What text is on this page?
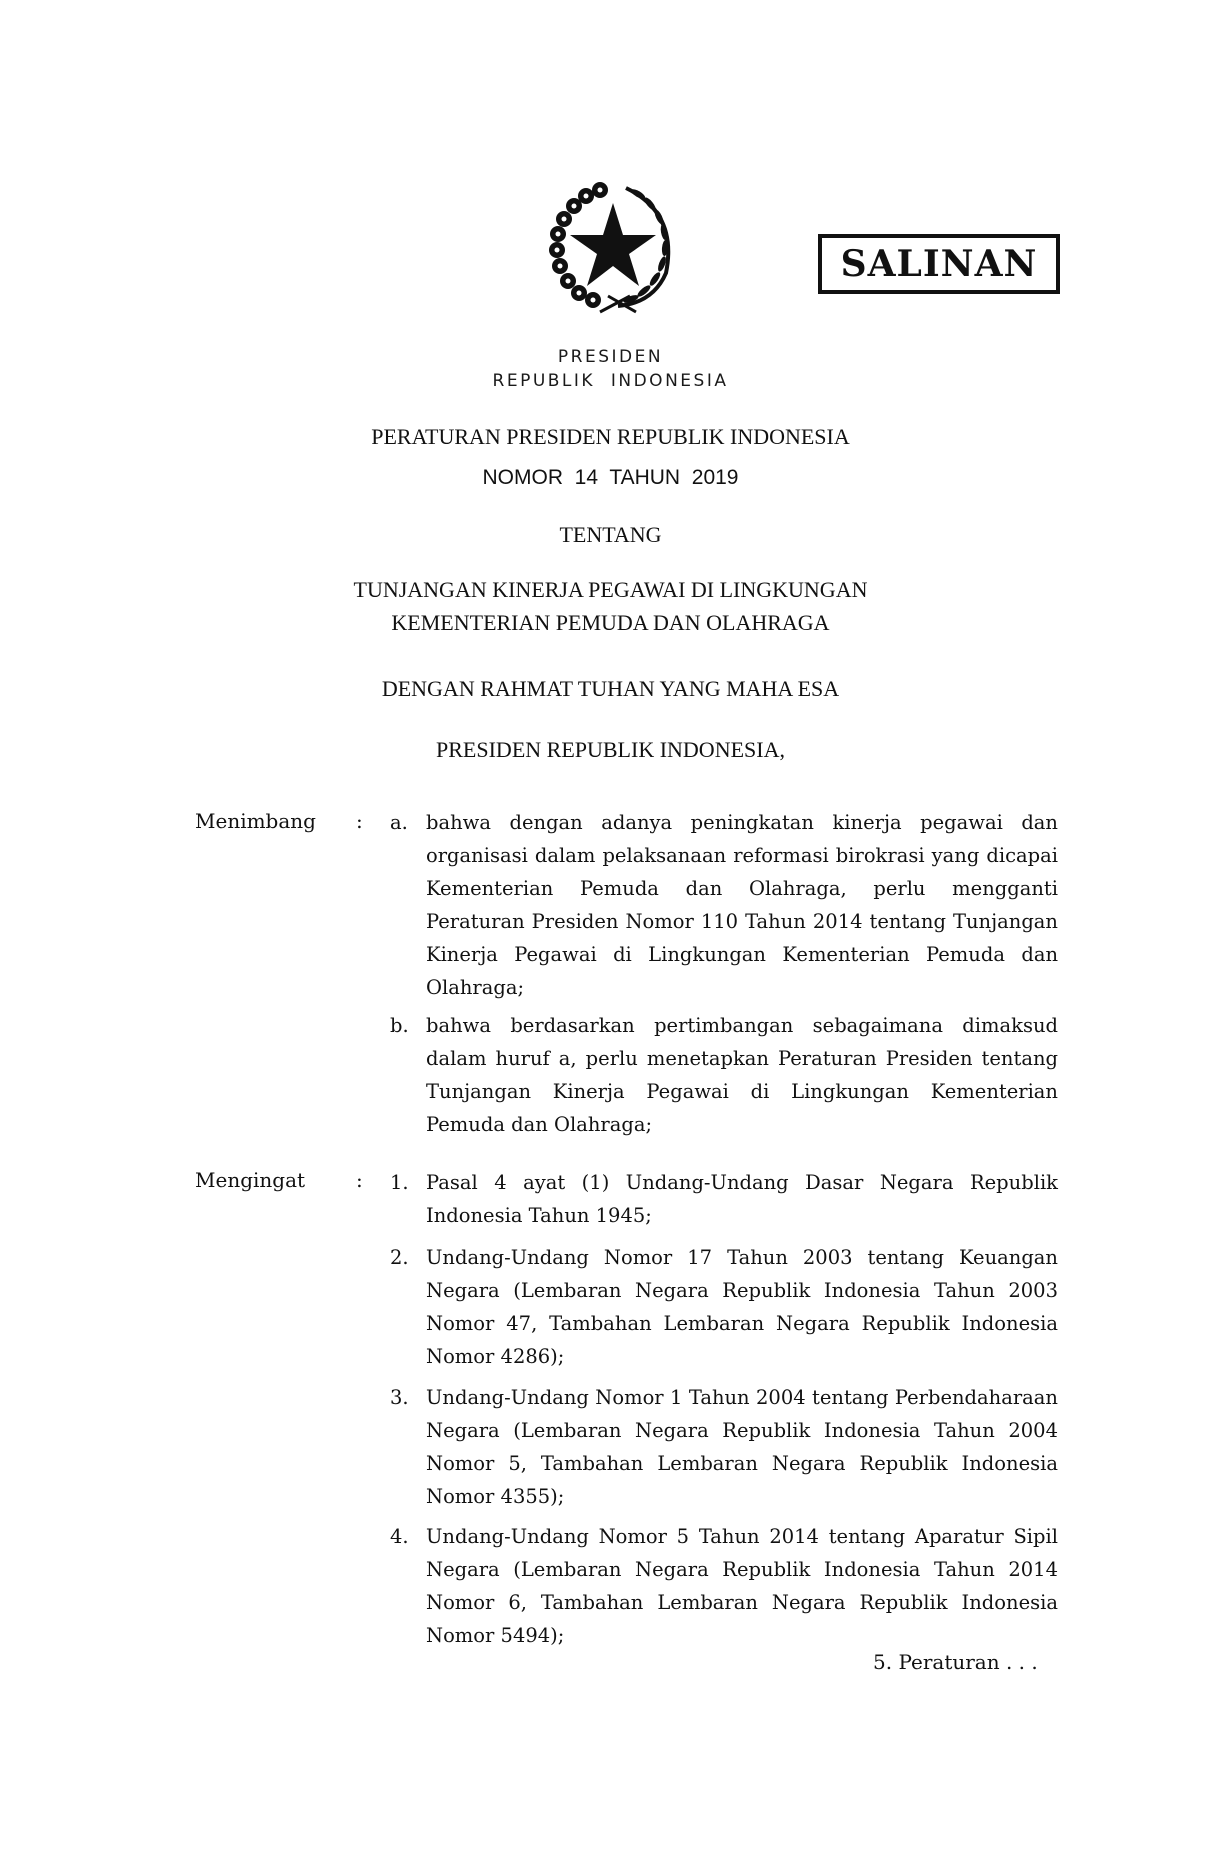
SALINAN
PRESIDEN
REPUBLIK  INDONESIA
PERATURAN PRESIDEN REPUBLIK INDONESIA
NOMOR  14  TAHUN  2019
TENTANG
TUNJANGAN KINERJA PEGAWAI DI LINGKUNGAN
KEMENTERIAN PEMUDA DAN OLAHRAGA
DENGAN RAHMAT TUHAN YANG MAHA ESA
PRESIDEN REPUBLIK INDONESIA,
Menimbang : a. bahwa dengan adanya peningkatan kinerja pegawai dan organisasi dalam pelaksanaan reformasi birokrasi yang dicapai Kementerian Pemuda dan Olahraga, perlu mengganti Peraturan Presiden Nomor 110 Tahun 2014 tentang Tunjangan Kinerja Pegawai di Lingkungan Kementerian Pemuda dan Olahraga;
b. bahwa berdasarkan pertimbangan sebagaimana dimaksud dalam huruf a, perlu menetapkan Peraturan Presiden tentang Tunjangan Kinerja Pegawai di Lingkungan Kementerian Pemuda dan Olahraga;
Mengingat	: 1. Pasal 4 ayat (1) Undang-Undang Dasar Negara Republik Indonesia Tahun 1945;
2. Undang-Undang Nomor 17 Tahun 2003 tentang Keuangan Negara (Lembaran Negara Republik Indonesia Tahun 2003 Nomor 47, Tambahan Lembaran Negara Republik Indonesia Nomor 4286);
3. Undang-Undang Nomor 1 Tahun 2004 tentang Perbendaharaan Negara (Lembaran Negara Republik Indonesia Tahun 2004 Nomor 5, Tambahan Lembaran Negara Republik Indonesia Nomor 4355);
4. Undang-Undang Nomor 5 Tahun 2014 tentang Aparatur Sipil Negara (Lembaran Negara Republik Indonesia Tahun 2014 Nomor 6, Tambahan Lembaran Negara Republik Indonesia Nomor 5494);
5. Peraturan . . .
